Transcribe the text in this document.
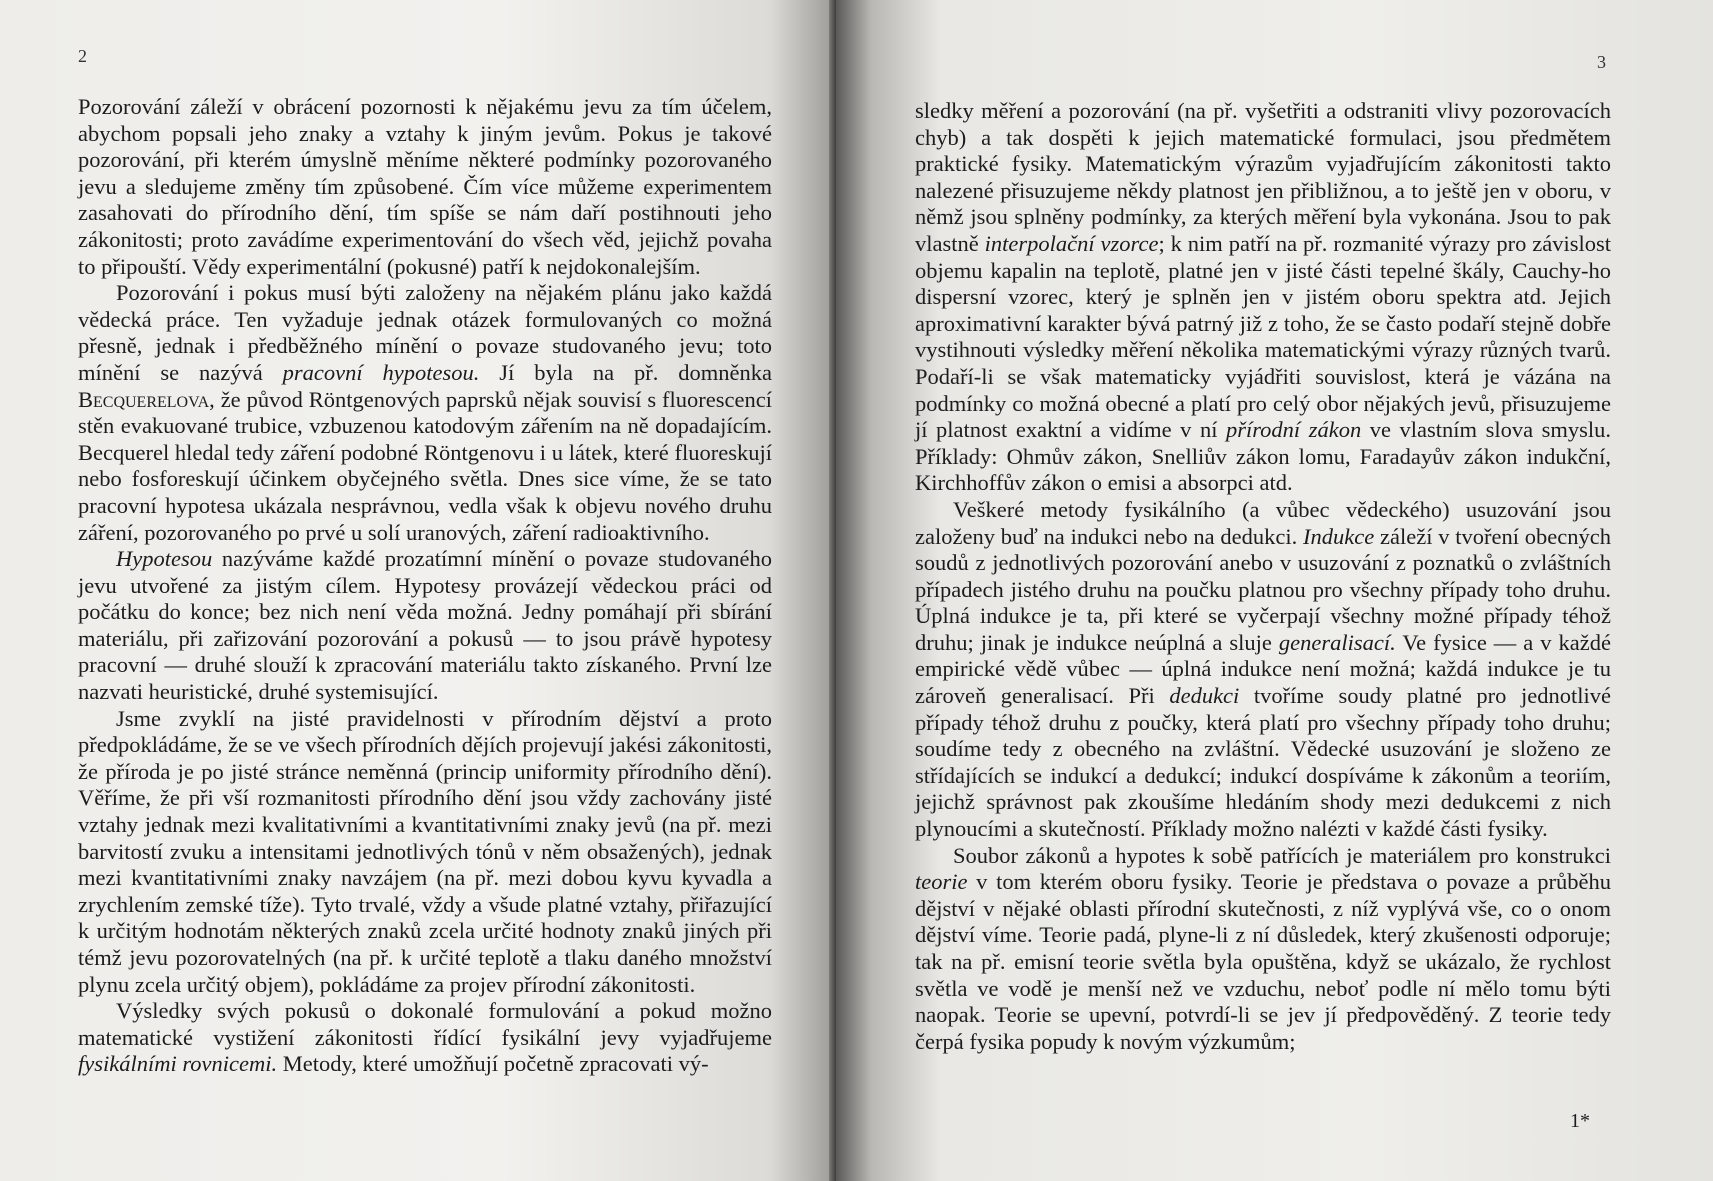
2

Pozorování záleží v obrácení pozornosti k nějakému jevu za tím účelem, abychom popsali jeho znaky a vztahy k jiným jevům. Pokus je takové pozorování, při kterém úmyslně měníme některé podmínky pozorovaného jevu a sledujeme změny tím způsobené. Čím více můžeme experimentem zasahovati do přírodního dění, tím spíše se nám daří postihnouti jeho zákonitosti; proto zavádíme experimentování do všech věd, jejichž povaha to připouští. Vědy experimentální (pokusné) patří k nejdokonalejším.

Pozorování i pokus musí býti založeny na nějakém plánu jako každá vědecká práce. Ten vyžaduje jednak otázek formulovaných co možná přesně, jednak i předběžného mínění o povaze studovaného jevu; toto mínění se nazývá pracovní hypotesou. Jí byla na př. domněnka Becquerelova, že původ Röntgenových paprsků nějak souvisí s fluorescencí stěn evakuované trubice, vzbuzenou katodovým zářením na ně dopadajícím. Becquerel hledal tedy záření podobné Röntgenovu i u látek, které fluoreskují nebo fosforeskují účinkem obyčejného světla. Dnes sice víme, že se tato pracovní hypotesa ukázala nesprávnou, vedla však k objevu nového druhu záření, pozorovaného po prvé u solí uranových, záření radioaktivního.

Hypotesou nazýváme každé prozatímní mínění o povaze studovaného jevu utvořené za jistým cílem. Hypotesy provázejí vědeckou práci od počátku do konce; bez nich není věda možná. Jedny pomáhají při sbírání materiálu, při zařizování pozorování a pokusů — to jsou právě hypotesy pracovní — druhé slouží k zpracování materiálu takto získaného. První lze nazvati heuristické, druhé systemisující.

Jsme zvyklí na jisté pravidelnosti v přírodním dějství a proto předpokládáme, že se ve všech přírodních dějích projevují jakési zákonitosti, že příroda je po jisté stránce neměnná (princip uniformity přírodního dění). Věříme, že při vší rozmanitosti přírodního dění jsou vždy zachovány jisté vztahy jednak mezi kvalitativními a kvantitativními znaky jevů (na př. mezi barvitostí zvuku a intensitami jednotlivých tónů v něm obsažených), jednak mezi kvantitativními znaky navzájem (na př. mezi dobou kyvu kyvadla a zrychlením zemské tíže). Tyto trvalé, vždy a všude platné vztahy, přiřazující k určitým hodnotám některých znaků zcela určité hodnoty znaků jiných při témž jevu pozorovatelných (na př. k určité teplotě a tlaku daného množství plynu zcela určitý objem), pokládáme za projev přírodní zákonitosti.

Výsledky svých pokusů o dokonalé formulování a pokud možno matematické vystižení zákonitosti řídící fysikální jevy vyjadřujeme fysikálními rovnicemi. Metody, které umožňují početně zpracovati vý-

3

sledky měření a pozorování (na př. vyšetřiti a odstraniti vlivy pozorovacích chyb) a tak dospěti k jejich matematické formulaci, jsou předmětem praktické fysiky. Matematickým výrazům vyjadřujícím zákonitosti takto nalezené přisuzujeme někdy platnost jen přibližnou, a to ještě jen v oboru, v němž jsou splněny podmínky, za kterých měření byla vykonána. Jsou to pak vlastně interpolační vzorce; k nim patří na př. rozmanité výrazy pro závislost objemu kapalin na teplotě, platné jen v jisté části tepelné škály, Cauchy-ho dispersní vzorec, který je splněn jen v jistém oboru spektra atd. Jejich aproximativní karakter bývá patrný již z toho, že se často podaří stejně dobře vystihnouti výsledky měření několika matematickými výrazy různých tvarů. Podaří-li se však matematicky vyjádřiti souvislost, která je vázána na podmínky co možná obecné a platí pro celý obor nějakých jevů, přisuzujeme jí platnost exaktní a vidíme v ní přírodní zákon ve vlastním slova smyslu. Příklady: Ohmův zákon, Snelliův zákon lomu, Faradayův zákon indukční, Kirchhoffův zákon o emisi a absorpci atd.

Veškeré metody fysikálního (a vůbec vědeckého) usuzování jsou založeny buď na indukci nebo na dedukci. Indukce záleží v tvoření obecných soudů z jednotlivých pozorování anebo v usuzování z poznatků o zvláštních případech jistého druhu na poučku platnou pro všechny případy toho druhu. Úplná indukce je ta, při které se vyčerpají všechny možné případy téhož druhu; jinak je indukce neúplná a sluje generalisací. Ve fysice — a v každé empirické vědě vůbec — úplná indukce není možná; každá indukce je tu zároveň generalisací. Při dedukci tvoříme soudy platné pro jednotlivé případy téhož druhu z poučky, která platí pro všechny případy toho druhu; soudíme tedy z obecného na zvláštní. Vědecké usuzování je složeno ze střídajících se indukcí a dedukcí; indukcí dospíváme k zákonům a teoriím, jejichž správnost pak zkoušíme hledáním shody mezi dedukcemi z nich plynoucími a skutečností. Příklady možno nalézti v každé části fysiky.

Soubor zákonů a hypotes k sobě patřících je materiálem pro konstrukci teorie v tom kterém oboru fysiky. Teorie je představa o povaze a průběhu dějství v nějaké oblasti přírodní skutečnosti, z níž vyplývá vše, co o onom dějství víme. Teorie padá, plyne-li z ní důsledek, který zkušenosti odporuje; tak na př. emisní teorie světla byla opuštěna, když se ukázalo, že rychlost světla ve vodě je menší než ve vzduchu, neboť podle ní mělo tomu býti naopak. Teorie se upevní, potvrdí-li se jev jí předpověděný. Z teorie tedy čerpá fysika popudy k novým výzkumům;

1*
